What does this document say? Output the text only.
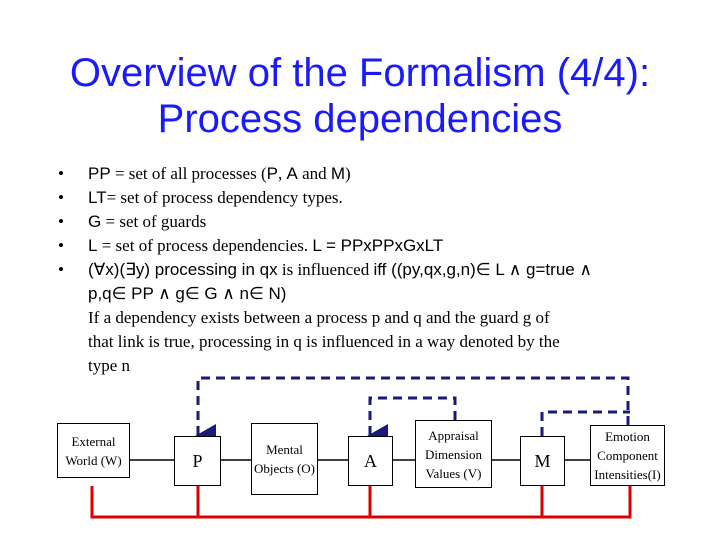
Overview of the Formalism (4/4):
Process dependencies
• PP = set of all processes (P, A and M)
• LT= set of process dependency types.
• G = set of guards
• L = set of process dependencies. L = PPxPPxGxLT
• (∀x)(∃y) processing in qx is influenced iff ((py,qx,g,n)∈ L ∧ g=true ∧
p,q∈ PP ∧ g∈ G ∧ n∈ N)
If a dependency exists between a process p and q and the guard g of
that link is true, processing in q is influenced in a way denoted by the
type n
External World (W)	P
Mental Objects (O)	A
Appraisal Dimension Values (V)
M
Emotion Component Intensities(I)
